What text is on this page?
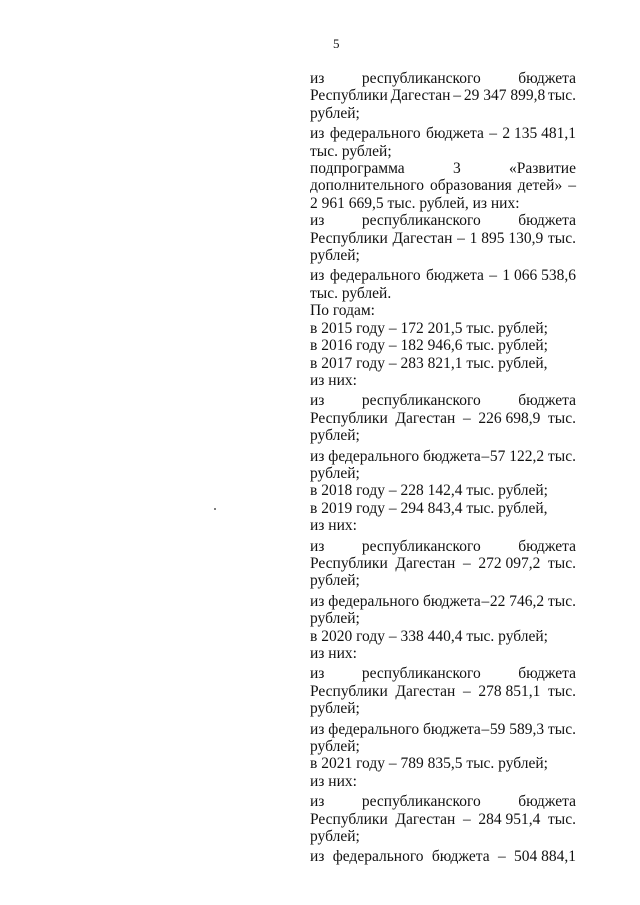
5
из республиканского бюджета
Республики Дагестан – 29 347 899,8 тыс.
рублей;
из федерального бюджета – 2 135 481,1
тыс. рублей;
подпрограмма	3	«Развитие
дополнительного образования детей» –
2 961 669,5 тыс. рублей, из них:
из республиканского бюджета
Республики Дагестан – 1 895 130,9 тыс.
рублей;
из федерального бюджета – 1 066 538,6
тыс. рублей.
По годам:
в 2015 году – 172 201,5 тыс. рублей;
в 2016 году – 182 946,6 тыс. рублей;
в 2017 году – 283 821,1 тыс. рублей,
из них:
из республиканского бюджета
Республики Дагестан – 226 698,9 тыс.
рублей;
из федерального бюджета – 57 122,2 тыс.
рублей;
в 2018 году – 228 142,4 тыс. рублей;
в 2019 году – 294 843,4 тыс. рублей,
из них:
из республиканского бюджета
Республики Дагестан – 272 097,2 тыс.
рублей;
из федерального бюджета – 22 746,2 тыс.
рублей;
в 2020 году – 338 440,4 тыс. рублей;
из них:
из республиканского бюджета
Республики Дагестан – 278 851,1 тыс.
рублей;
из федерального бюджета – 59 589,3 тыс.
рублей;
в 2021 году – 789 835,5 тыс. рублей;
из них:
из республиканского бюджета
Республики Дагестан – 284 951,4 тыс.
рублей;
из федерального бюджета – 504 884,1
